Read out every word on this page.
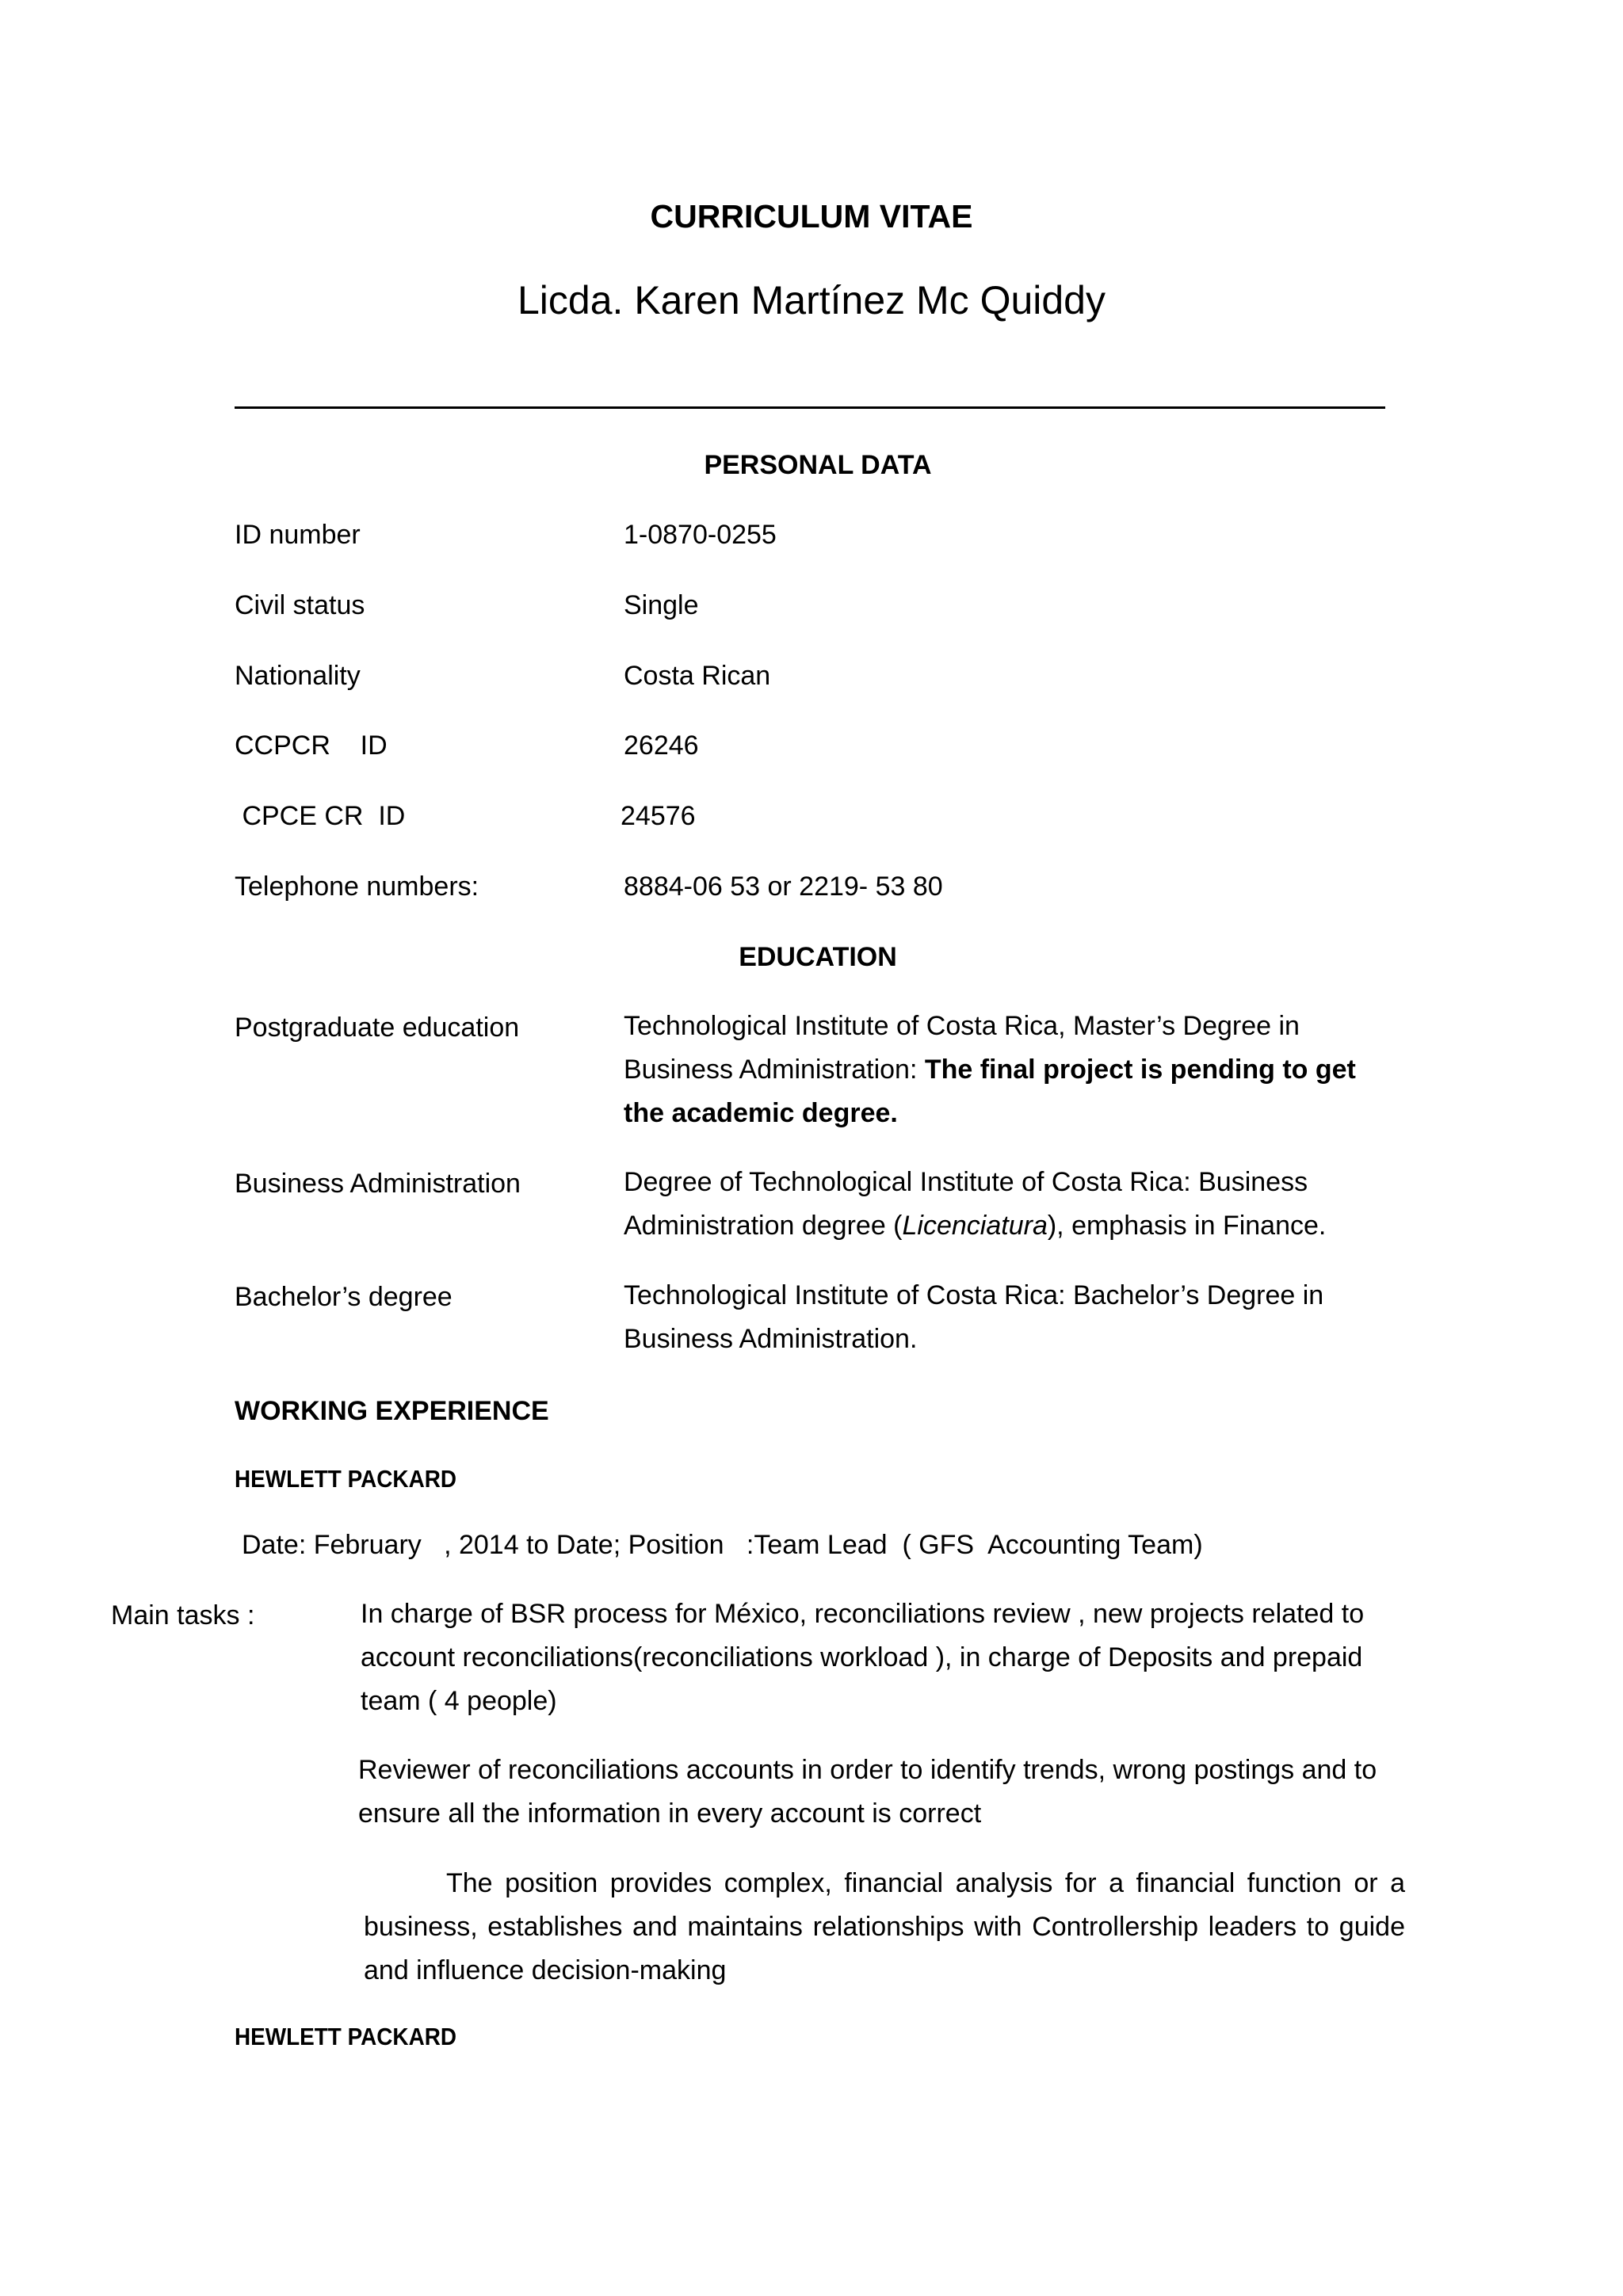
CURRICULUM VITAE
Licda. Karen Martínez Mc Quiddy
PERSONAL DATA
ID number	1-0870-0255
Civil status	Single
Nationality	Costa Rican
CCPCR    ID	26246
CPCE CR  ID	24576
Telephone numbers:	8884-06 53 or 2219- 53 80
EDUCATION
Postgraduate education	Technological Institute of Costa Rica, Master’s Degree in Business Administration: The final project is pending to get the academic degree.
Business Administration	Degree of Technological Institute of Costa Rica: Business Administration degree (Licenciatura), emphasis in Finance.
Bachelor’s degree	Technological Institute of Costa Rica: Bachelor’s Degree in Business Administration.
WORKING EXPERIENCE
HEWLETT PACKARD
Date: February   , 2014 to Date; Position   :Team Lead  ( GFS  Accounting Team)
Main tasks :	In charge of BSR process for México, reconciliations review , new projects related to account reconciliations(reconciliations workload ), in charge of Deposits and prepaid team ( 4 people)
Reviewer of reconciliations accounts in order to identify trends, wrong postings and to ensure all the information in every account is correct
The position provides complex, financial analysis for a financial function or a business, establishes and maintains relationships with Controllership leaders to guide and influence decision-making
HEWLETT PACKARD
